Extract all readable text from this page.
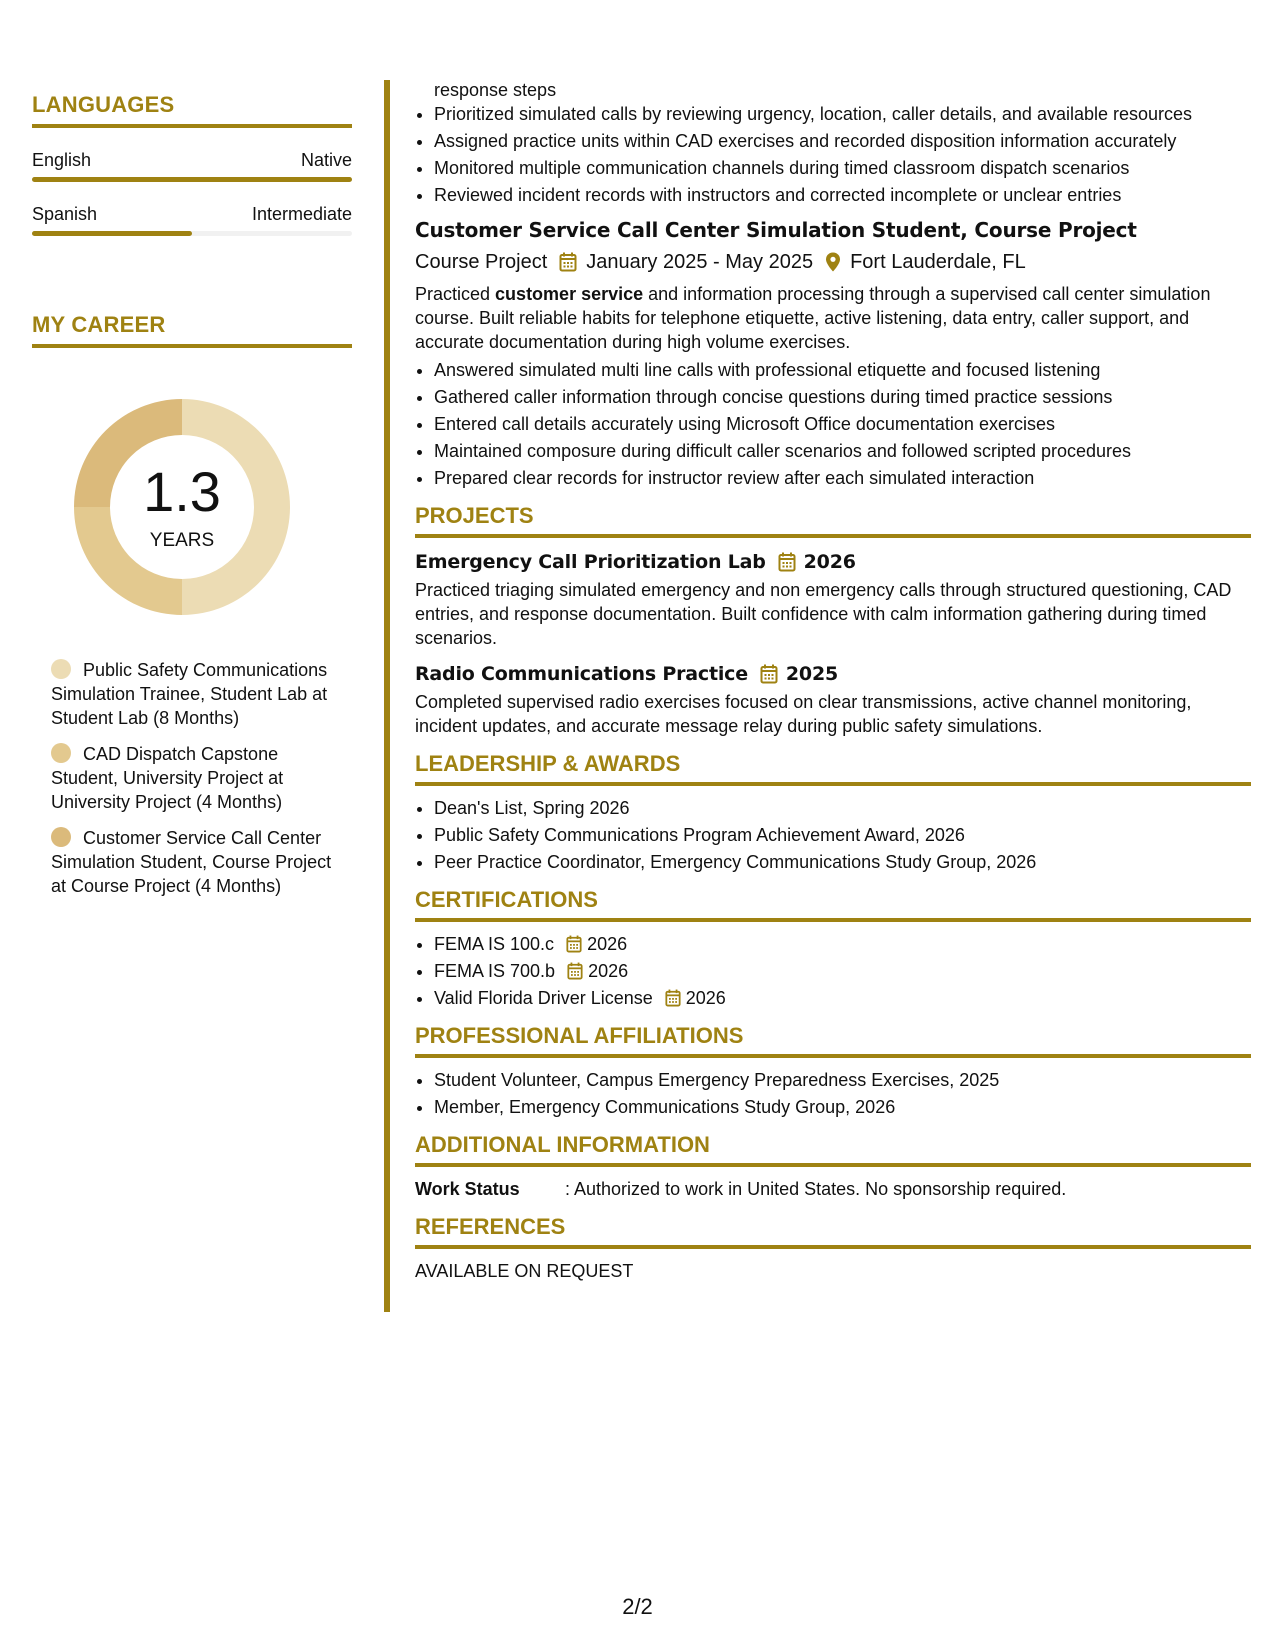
LANGUAGES
English	Native
Spanish	Intermediate
MY CAREER
1.3
YEARS
Public Safety Communications Simulation Trainee, Student Lab at Student Lab (8 Months)
CAD Dispatch Capstone Student, University Project at University Project (4 Months)
Customer Service Call Center Simulation Student, Course Project at Course Project (4 Months)
response steps
• Prioritized simulated calls by reviewing urgency, location, caller details, and available resources
• Assigned practice units within CAD exercises and recorded disposition information accurately
• Monitored multiple communication channels during timed classroom dispatch scenarios
• Reviewed incident records with instructors and corrected incomplete or unclear entries
Customer Service Call Center Simulation Student, Course Project
Course Project January 2025 - May 2025 Fort Lauderdale, FL

Practiced customer service and information processing through a supervised call center simulation course. Built reliable habits for telephone etiquette, active listening, data entry, caller support, and accurate documentation during high volume exercises.

• Answered simulated multi line calls with professional etiquette and focused listening
• Gathered caller information through concise questions during timed practice sessions
• Entered call details accurately using Microsoft Office documentation exercises
• Maintained composure during difficult caller scenarios and followed scripted procedures
• Prepared clear records for instructor review after each simulated interaction
PROJECTS
Emergency Call Prioritization Lab 2026

Practiced triaging simulated emergency and non emergency calls through structured questioning, CAD entries, and response documentation. Built confidence with calm information gathering during timed scenarios.

Radio Communications Practice 2025

Completed supervised radio exercises focused on clear transmissions, active channel monitoring, incident updates, and accurate message relay during public safety simulations.

LEADERSHIP & AWARDS
• Dean's List, Spring 2026
• Public Safety Communications Program Achievement Award, 2026
• Peer Practice Coordinator, Emergency Communications Study Group, 2026
CERTIFICATIONS
• FEMA IS 100.c 2026
• FEMA IS 700.b 2026
• Valid Florida Driver License 2026
PROFESSIONAL AFFILIATIONS
• Student Volunteer, Campus Emergency Preparedness Exercises, 2025
• Member, Emergency Communications Study Group, 2026
ADDITIONAL INFORMATION
Work Status	: Authorized to work in United States. No sponsorship required.
REFERENCES
AVAILABLE ON REQUEST
2/2
